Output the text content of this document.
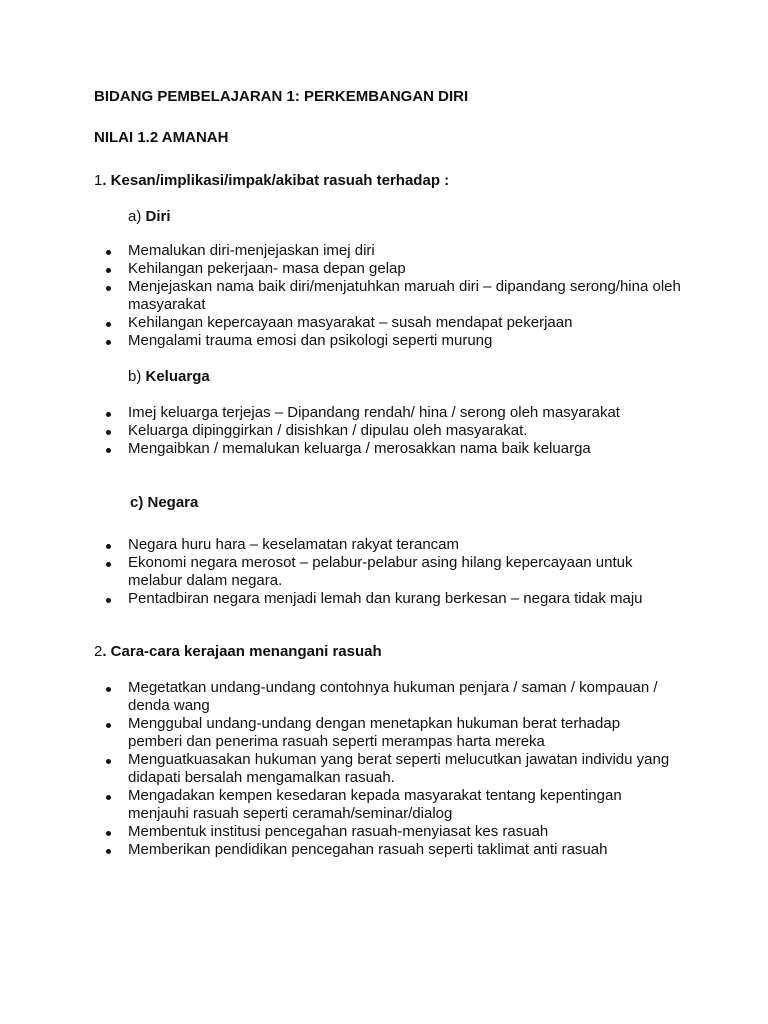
BIDANG PEMBELAJARAN 1: PERKEMBANGAN DIRI
NILAI 1.2 AMANAH
1. Kesan/implikasi/impak/akibat rasuah terhadap :
a) Diri
Memalukan diri-menjejaskan imej diri
Kehilangan pekerjaan- masa depan gelap
Menjejaskan nama baik diri/menjatuhkan maruah diri – dipandang serong/hina oleh masyarakat
Kehilangan kepercayaan masyarakat – susah mendapat pekerjaan
Mengalami trauma emosi dan psikologi seperti murung
b) Keluarga
Imej keluarga terjejas – Dipandang rendah/ hina / serong oleh masyarakat
Keluarga dipinggirkan / disishkan / dipulau oleh masyarakat.
Mengaibkan / memalukan keluarga / merosakkan nama baik keluarga
c) Negara
Negara huru hara – keselamatan rakyat terancam
Ekonomi negara merosot – pelabur-pelabur asing hilang kepercayaan untuk melabur dalam negara.
Pentadbiran negara menjadi lemah dan kurang berkesan – negara tidak maju
2. Cara-cara kerajaan menangani rasuah
Megetatkan undang-undang contohnya hukuman penjara / saman / kompauan / denda wang
Menggubal undang-undang dengan menetapkan hukuman berat terhadap pemberi dan penerima rasuah seperti merampas harta mereka
Menguatkuasakan hukuman yang berat seperti melucutkan jawatan individu yang didapati bersalah mengamalkan rasuah.
Mengadakan kempen kesedaran kepada masyarakat tentang kepentingan menjauhi rasuah seperti ceramah/seminar/dialog
Membentuk institusi pencegahan rasuah-menyiasat kes rasuah
Memberikan pendidikan pencegahan rasuah seperti taklimat anti rasuah
